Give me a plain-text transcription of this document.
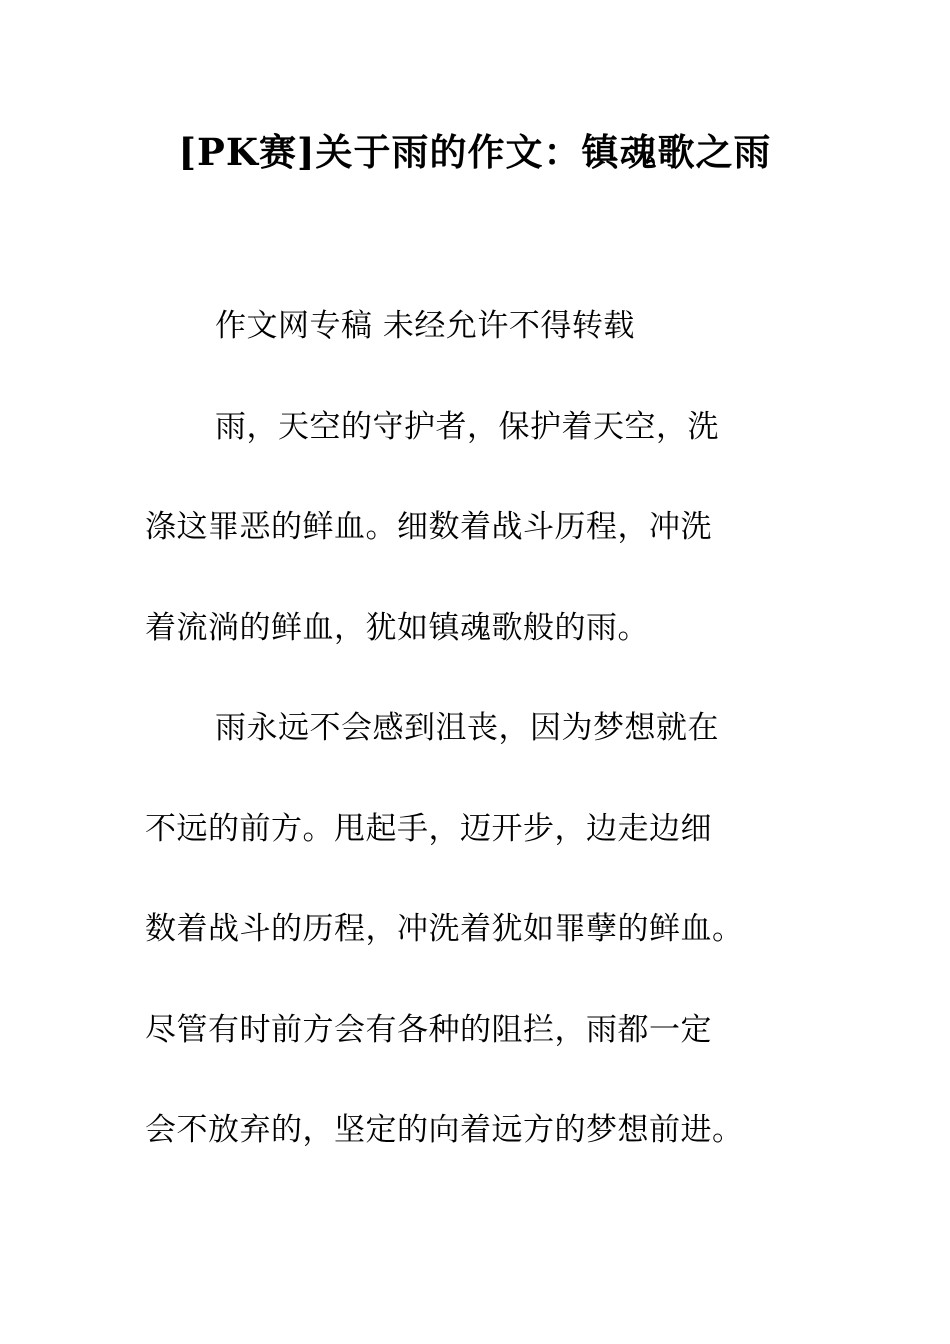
[PK赛]关于雨的作文：镇魂歌之雨
作文网专稿 未经允许不得转载
雨，天空的守护者，保护着天空，洗
涤这罪恶的鲜血。细数着战斗历程，冲洗
着流淌的鲜血，犹如镇魂歌般的雨。
雨永远不会感到沮丧，因为梦想就在
不远的前方。甩起手，迈开步，边走边细
数着战斗的历程，冲洗着犹如罪孽的鲜血。
尽管有时前方会有各种的阻拦，雨都一定
会不放弃的，坚定的向着远方的梦想前进。
